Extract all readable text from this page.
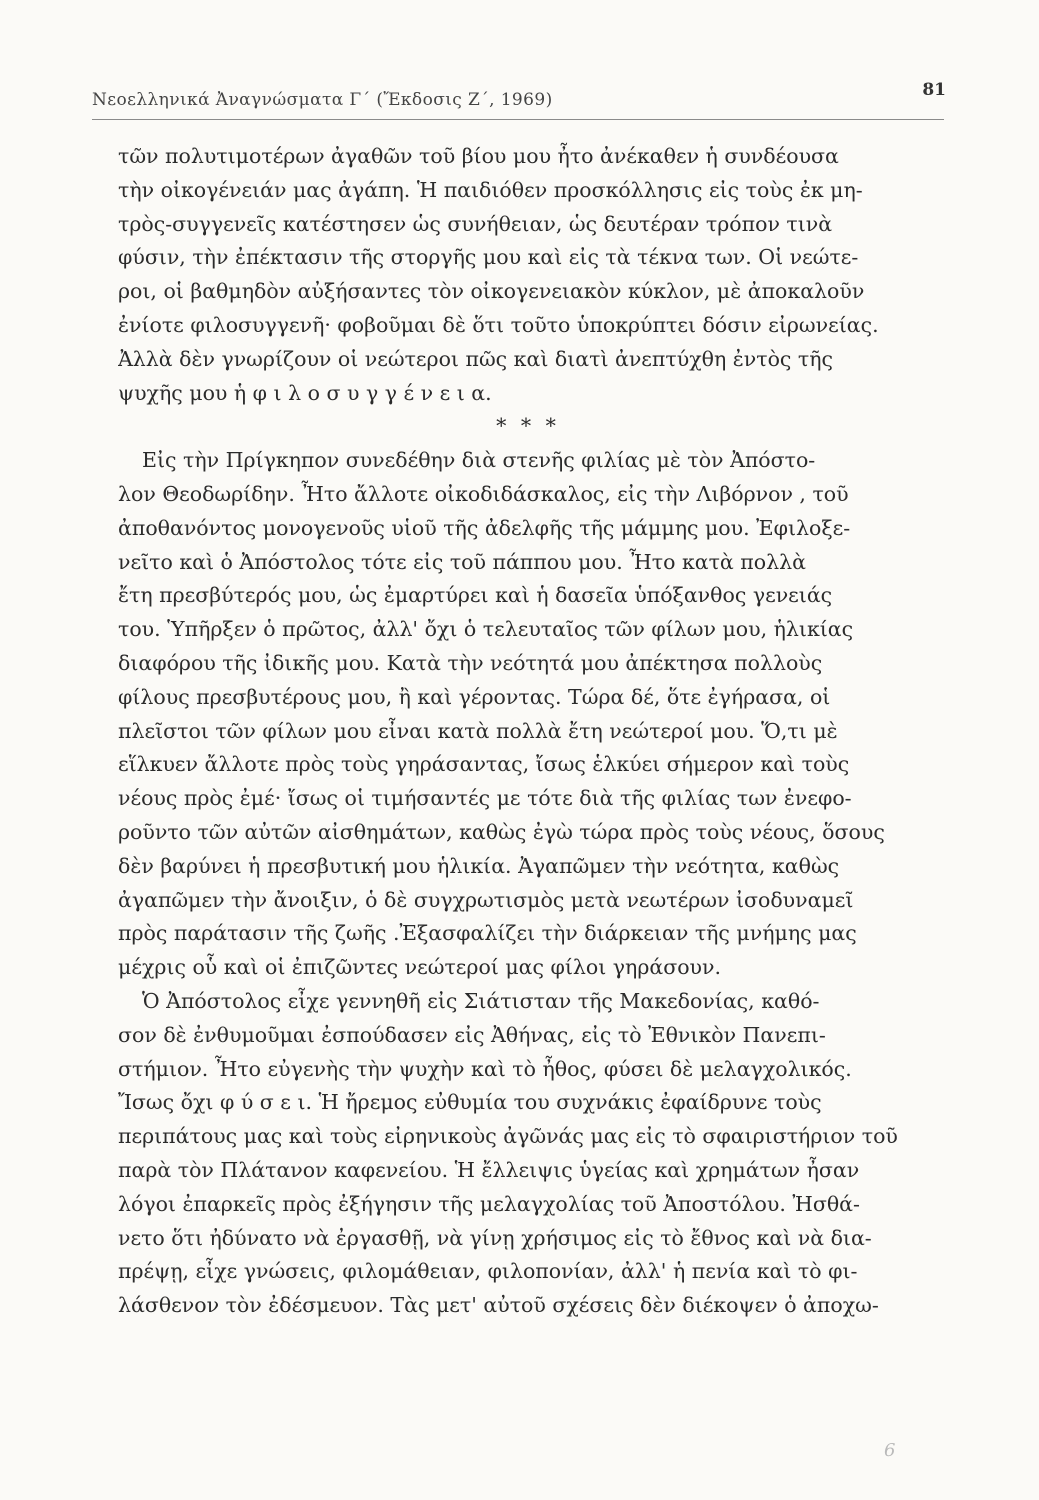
Νεοελληνικά Ἀναγνώσματα Γ΄ (Ἔκδοσις Ζ΄, 1969)	81
τῶν πολυτιμοτέρων ἀγαθῶν τοῦ βίου μου ἦτο ἀνέκαθεν ἡ συνδέουσα
τὴν οἰκογένειάν μας ἀγάπη. Ἡ παιδιόθεν προσκόλλησις εἰς τοὺς ἐκ μη-
τρὸς-συγγενεῖς κατέστησεν ὡς συνήθειαν, ὡς δευτέραν τρόπον τινὰ
φύσιν, τὴν ἐπέκτασιν τῆς στοργῆς μου καὶ εἰς τὰ τέκνα των. Οἱ νεώτε-
ροι, οἱ βαθμηδὸν αὐξήσαντες τὸν οἰκογενειακὸν κύκλον, μὲ ἀποκαλοῦν
ἐνίοτε φιλοσυγγενῆ· φοβοῦμαι δὲ ὅτι τοῦτο ὑποκρύπτει δόσιν εἰρωνείας.
Ἀλλὰ δὲν γνωρίζουν οἱ νεώτεροι πῶς καὶ διατὶ ἀνεπτύχθη ἐντὸς τῆς
ψυχῆς μου ἡ φ ι λ ο σ υ γ γ έ ν ε ι α.
* * *
Εἰς τὴν Πρίγκηπον συνεδέθην διὰ στενῆς φιλίας μὲ τὸν Ἀπόστο-
λον Θεοδωρίδην. Ἦτο ἄλλοτε οἰκοδιδάσκαλος, εἰς τὴν Λιβόρνον , τοῦ
ἀποθανόντος μονογενοῦς υἱοῦ τῆς ἀδελφῆς τῆς μάμμης μου. Ἐφιλοξε-
νεῖτο καὶ ὁ Ἀπόστολος τότε εἰς τοῦ πάππου μου. Ἦτο κατὰ πολλὰ
ἔτη πρεσβύτερός μου, ὡς ἐμαρτύρει καὶ ἡ δασεῖα ὑπόξανθος γενειάς
του. Ὑπῆρξεν ὁ πρῶτος, ἀλλ' ὄχι ὁ τελευταῖος τῶν φίλων μου, ἡλικίας
διαφόρου τῆς ἰδικῆς μου. Κατὰ τὴν νεότητά μου ἀπέκτησα πολλοὺς
φίλους πρεσβυτέρους μου, ἢ καὶ γέροντας. Τώρα δέ, ὅτε ἐγήρασα, οἱ
πλεῖστοι τῶν φίλων μου εἶναι κατὰ πολλὰ ἔτη νεώτεροί μου. Ὅ,τι μὲ
εἵλκυεν ἄλλοτε πρὸς τοὺς γηράσαντας, ἴσως ἑλκύει σήμερον καὶ τοὺς
νέους πρὸς ἐμέ· ἴσως οἱ τιμήσαντές με τότε διὰ τῆς φιλίας των ἐνεφο-
ροῦντο τῶν αὐτῶν αἰσθημάτων, καθὼς ἐγὼ τώρα πρὸς τοὺς νέους, ὅσους
δὲν βαρύνει ἡ πρεσβυτική μου ἡλικία. Ἀγαπῶμεν τὴν νεότητα, καθὼς
ἀγαπῶμεν τὴν ἄνοιξιν, ὁ δὲ συγχρωτισμὸς μετὰ νεωτέρων ἰσοδυναμεῖ
πρὸς παράτασιν τῆς ζωῆς .Ἐξασφαλίζει τὴν διάρκειαν τῆς μνήμης μας
μέχρις οὗ καὶ οἱ ἐπιζῶντες νεώτεροί μας φίλοι γηράσουν.
Ὁ Ἀπόστολος εἶχε γεννηθῆ εἰς Σιάτισταν τῆς Μακεδονίας, καθό-
σον δὲ ἐνθυμοῦμαι ἐσπούδασεν εἰς Ἀθήνας, εἰς τὸ Ἐθνικὸν Πανεπι-
στήμιον. Ἦτο εὐγενὴς τὴν ψυχὴν καὶ τὸ ἦθος, φύσει δὲ μελαγχολικός.
Ἴσως ὄχι φ ύ σ ε ι. Ἡ ἤρεμος εὐθυμία του συχνάκις ἐφαίδρυνε τοὺς
περιπάτους μας καὶ τοὺς εἰρηνικοὺς ἀγῶνάς μας εἰς τὸ σφαιριστήριον τοῦ
παρὰ τὸν Πλάτανον καφενείου. Ἡ ἔλλειψις ὑγείας καὶ χρημάτων ἦσαν
λόγοι ἐπαρκεῖς πρὸς ἐξήγησιν τῆς μελαγχολίας τοῦ Ἀποστόλου. Ἠσθά-
νετο ὅτι ἠδύνατο νὰ ἐργασθῇ, νὰ γίνῃ χρήσιμος εἰς τὸ ἔθνος καὶ νὰ δια-
πρέψῃ, εἶχε γνώσεις, φιλομάθειαν, φιλοπονίαν, ἀλλ' ἡ πενία καὶ τὸ φι-
λάσθενον τὸν ἐδέσμευον. Τὰς μετ' αὐτοῦ σχέσεις δὲν διέκοψεν ὁ ἀποχω-
6
